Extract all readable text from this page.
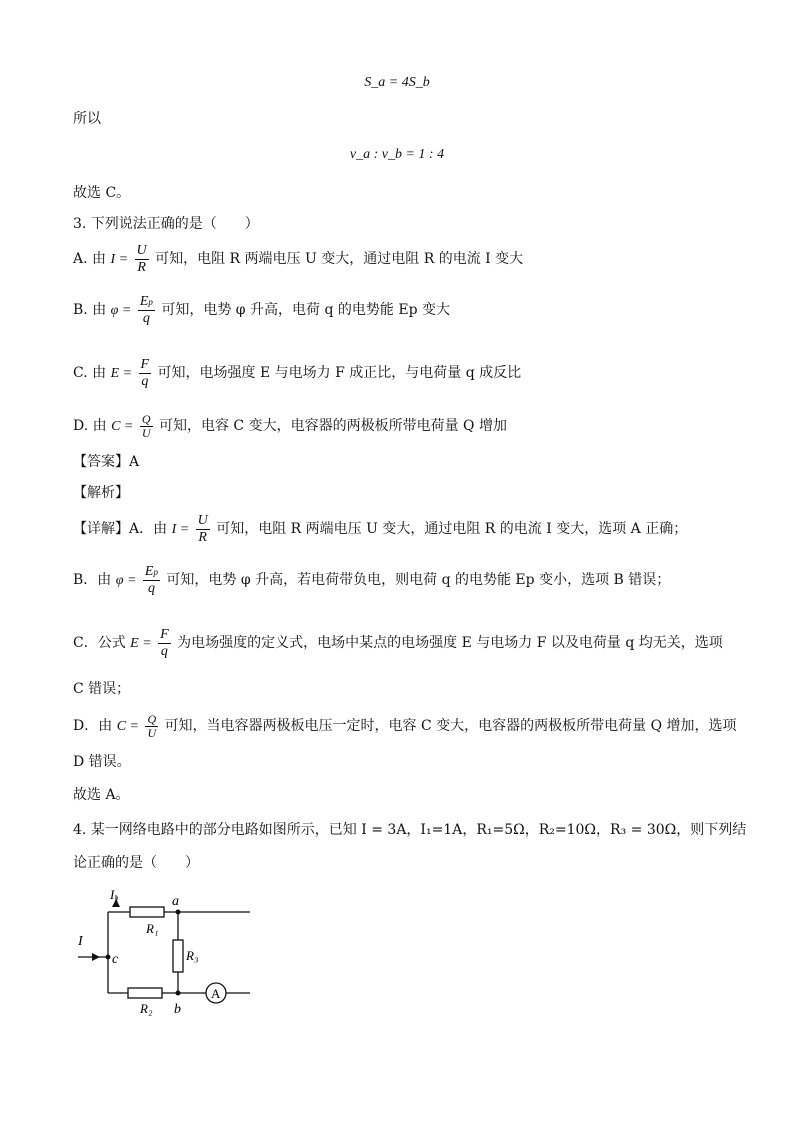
S_a = 4S_b
所以
v_a : v_b = 1 : 4
故选 C。
3. 下列说法正确的是（　　）
A. 由 $I = \frac{U}{R}$ 可知，电阻 R 两端电压 U 变大，通过电阻 R 的电流 I 变大
B. 由 $\varphi = \frac{Ep}{q}$ 可知，电势 φ 升高，电荷 q 的电势能 Ep 变大
C. 由 $E = \frac{F}{q}$ 可知，电场强度 E 与电场力 F 成正比，与电荷量 q 成反比
D. 由 $C = \frac{Q}{U}$ 可知，电容 C 变大，电容器的两极板所带电荷量 Q 增加
【答案】A
【解析】
【详解】A．由 $I = \frac{U}{R}$ 可知，电阻 R 两端电压 U 变大，通过电阻 R 的电流 I 变大，选项 A 正确；
B．由 $\varphi = \frac{Ep}{q}$ 可知，电势 φ 升高，若电荷带负电，则电荷 q 的电势能 Ep 变小，选项 B 错误；
C．公式 $E = \frac{F}{q}$ 为电场强度的定义式，电场中某点的电场强度 E 与电场力 F 以及电荷量 q 均无关，选项
C 错误；
D．由 $C = \frac{Q}{U}$ 可知，当电容器两极板电压一定时，电容 C 变大，电容器的两极板所带电荷量 Q 增加，选项
D 错误。
故选 A。
4. 某一网络电路中的部分电路如图所示，已知 I = 3A，I₁=1A，R₁=5Ω，R₂=10Ω，R₃ = 30Ω，则下列结
论正确的是（　　）
I
I₁	a
R₁
c	R₃
R₂ b
A
